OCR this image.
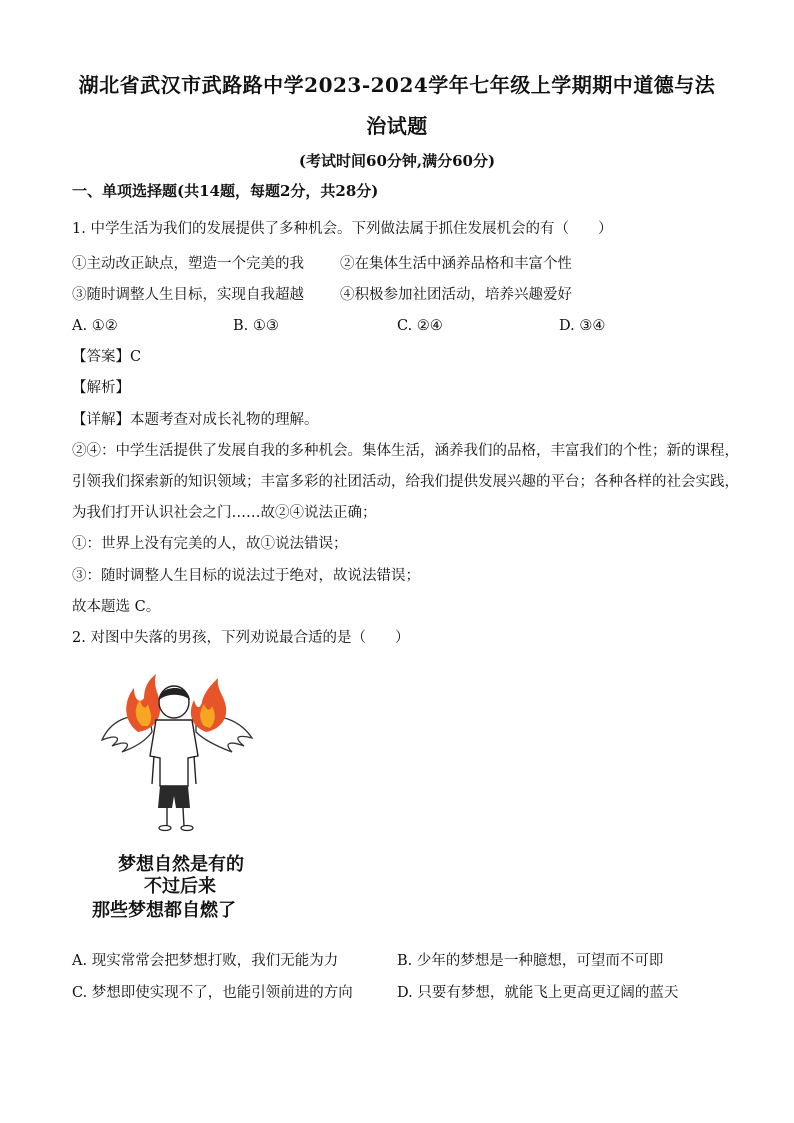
湖北省武汉市武路路中学2023-2024学年七年级上学期期中道德与法
治试题
(考试时间60分钟,满分60分)
一、单项选择题(共14题，每题2分，共28分)
1. 中学生活为我们的发展提供了多种机会。下列做法属于抓住发展机会的有（　　）
①主动改正缺点，塑造一个完美的我 ②在集体生活中涵养品格和丰富个性
③随时调整人生目标，实现自我超越 ④积极参加社团活动，培养兴趣爱好
A. ①②	B. ①③	C. ②④	D. ③④
【答案】C
【解析】
【详解】本题考查对成长礼物的理解。
②④：中学生活提供了发展自我的多种机会。集体生活，涵养我们的品格，丰富我们的个性；新的课程，
引领我们探索新的知识领域；丰富多彩的社团活动，给我们提供发展兴趣的平台；各种各样的社会实践，
为我们打开认识社会之门……故②④说法正确；
①：世界上没有完美的人，故①说法错误；
③：随时调整人生目标的说法过于绝对，故说法错误；
故本题选 C。
2. 对图中失落的男孩，下列劝说最合适的是（　　）
梦想自然是有的
不过后来
那些梦想都自燃了
A. 现实常常会把梦想打败，我们无能为力	B. 少年的梦想是一种臆想，可望而不可即
C. 梦想即使实现不了，也能引领前进的方向	D. 只要有梦想，就能飞上更高更辽阔的蓝天
